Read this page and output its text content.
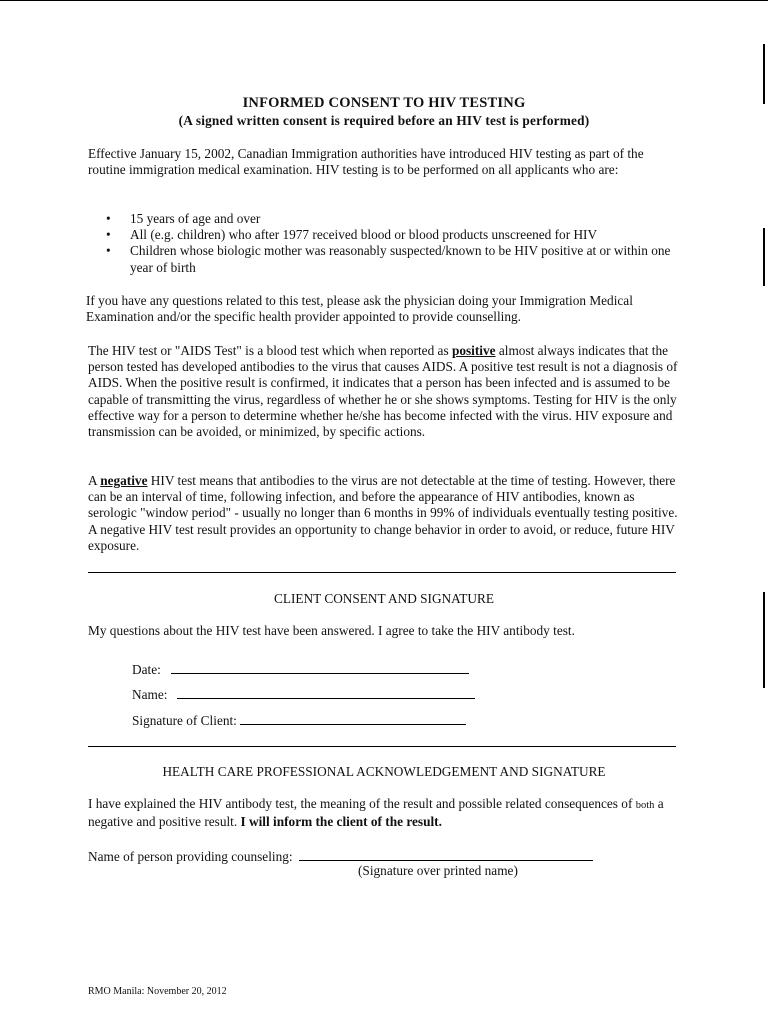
INFORMED CONSENT TO HIV TESTING
(A signed written consent is required before an HIV test is performed)
Effective January 15, 2002, Canadian Immigration authorities have introduced HIV testing as part of the routine immigration medical examination. HIV testing is to be performed on all applicants who are:
• 15 years of age and over
• All (e.g. children) who after 1977 received blood or blood products unscreened for HIV
• Children whose biologic mother was reasonably suspected/known to be HIV positive at or within one year of birth
If you have any questions related to this test, please ask the physician doing your Immigration Medical Examination and/or the specific health provider appointed to provide counselling.
The HIV test or "AIDS Test" is a blood test which when reported as positive almost always indicates that the person tested has developed antibodies to the virus that causes AIDS. A positive test result is not a diagnosis of AIDS. When the positive result is confirmed, it indicates that a person has been infected and is assumed to be capable of transmitting the virus, regardless of whether he or she shows symptoms. Testing for HIV is the only effective way for a person to determine whether he/she has become infected with the virus. HIV exposure and transmission can be avoided, or minimized, by specific actions.
A negative HIV test means that antibodies to the virus are not detectable at the time of testing. However, there can be an interval of time, following infection, and before the appearance of HIV antibodies, known as serologic "window period" - usually no longer than 6 months in 99% of individuals eventually testing positive. A negative HIV test result provides an opportunity to change behavior in order to avoid, or reduce, future HIV exposure.
CLIENT CONSENT AND SIGNATURE
My questions about the HIV test have been answered. I agree to take the HIV antibody test.
Date:
Name:
Signature of Client:
HEALTH CARE PROFESSIONAL ACKNOWLEDGEMENT AND SIGNATURE
I have explained the HIV antibody test, the meaning of the result and possible related consequences of both a negative and positive result. I will inform the client of the result.
Name of person providing counseling:
(Signature over printed name)
RMO Manila: November 20, 2012
